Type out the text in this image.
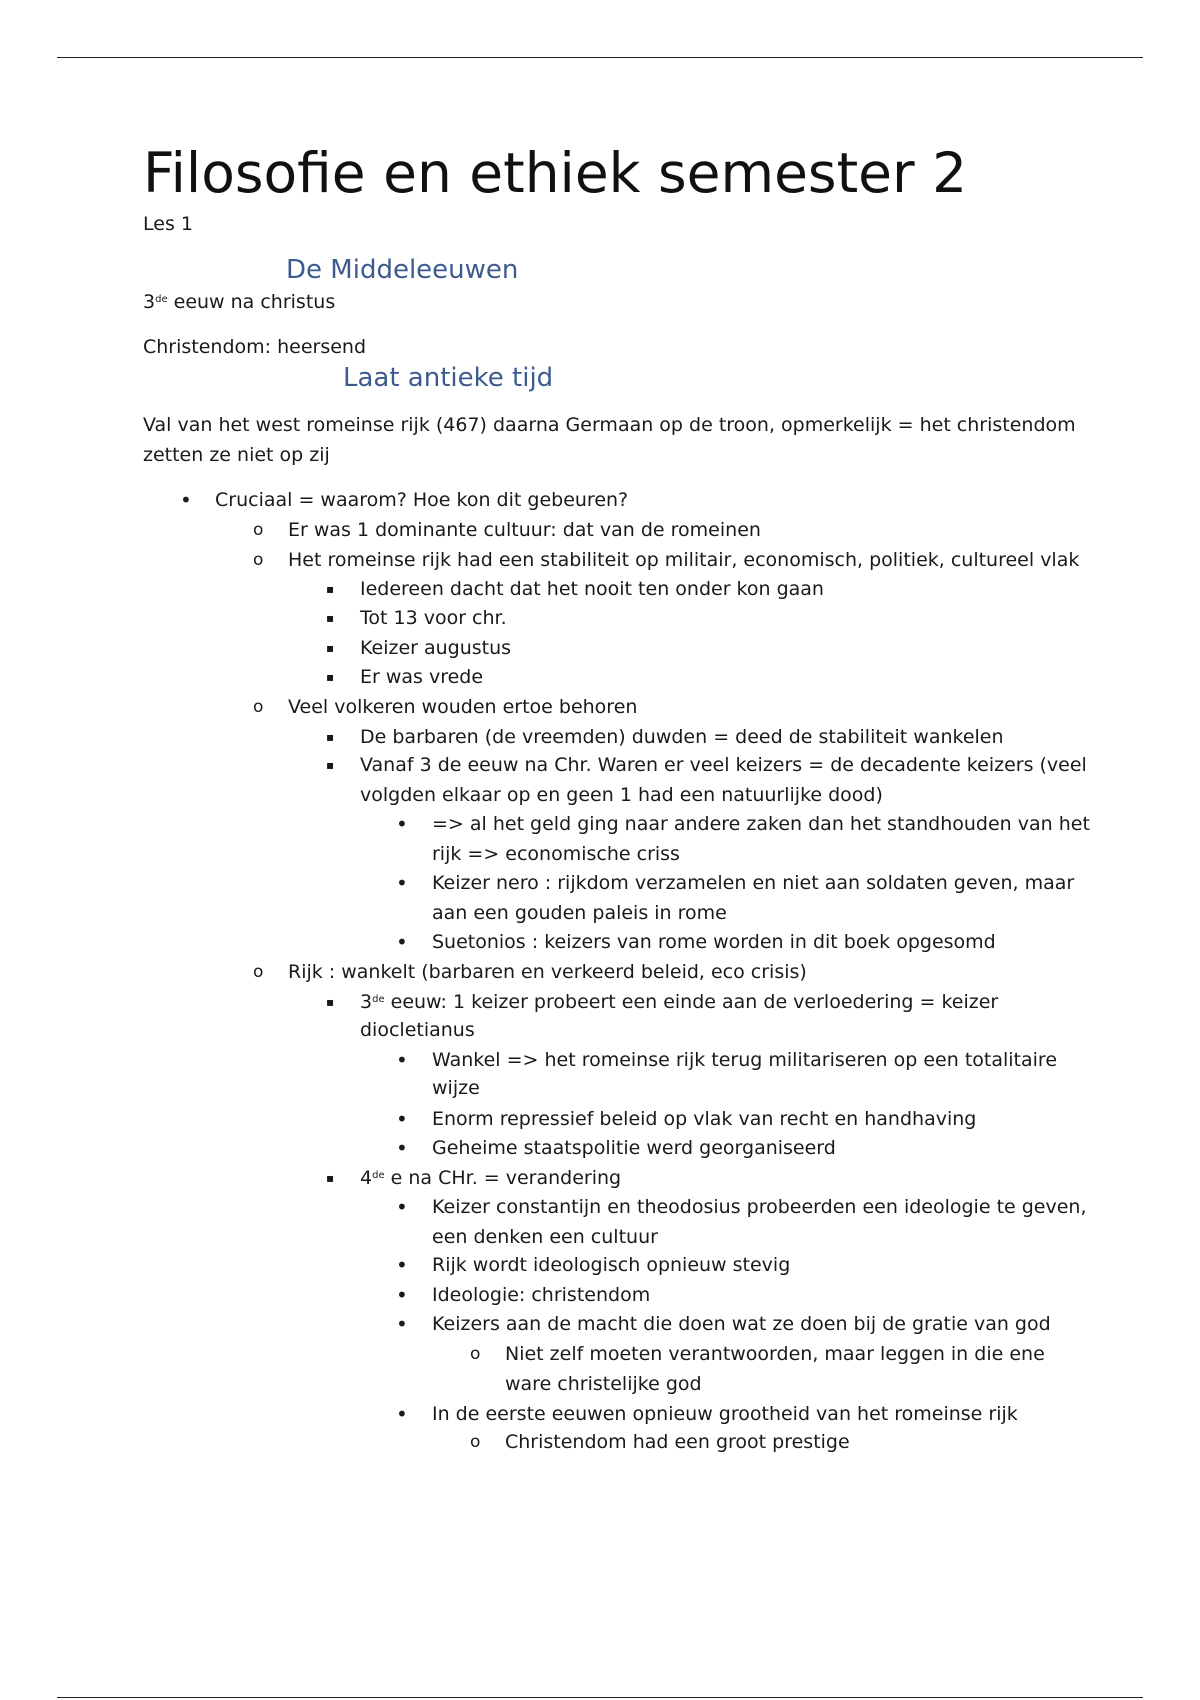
Filosofie en ethiek semester 2
Les 1
De Middeleeuwen
3de eeuw na christus
Christendom: heersend
Laat antieke tijd
Val van het west romeinse rijk (467) daarna Germaan op de troon, opmerkelijk = het christendom
zetten ze niet op zij
• Cruciaal = waarom? Hoe kon dit gebeuren?
o Er was 1 dominante cultuur: dat van de romeinen
o Het romeinse rijk had een stabiliteit op militair, economisch, politiek, cultureel vlak
▪ Iedereen dacht dat het nooit ten onder kon gaan
▪ Tot 13 voor chr.
▪ Keizer augustus
▪ Er was vrede
o Veel volkeren wouden ertoe behoren
▪ De barbaren (de vreemden) duwden = deed de stabiliteit wankelen
▪ Vanaf 3 de eeuw na Chr. Waren er veel keizers = de decadente keizers (veel
volgden elkaar op en geen 1 had een natuurlijke dood)
• => al het geld ging naar andere zaken dan het standhouden van het
rijk => economische criss
• Keizer nero : rijkdom verzamelen en niet aan soldaten geven, maar
aan een gouden paleis in rome
• Suetonios : keizers van rome worden in dit boek opgesomd
o Rijk : wankelt (barbaren en verkeerd beleid, eco crisis)
▪ 3de eeuw: 1 keizer probeert een einde aan de verloedering = keizer
diocletianus
• Wankel => het romeinse rijk terug militariseren op een totalitaire
wijze
• Enorm repressief beleid op vlak van recht en handhaving
• Geheime staatspolitie werd georganiseerd
▪ 4de e na CHr. = verandering
• Keizer constantijn en theodosius probeerden een ideologie te geven,
een denken een cultuur
• Rijk wordt ideologisch opnieuw stevig
• Ideologie: christendom
• Keizers aan de macht die doen wat ze doen bij de gratie van god
o Niet zelf moeten verantwoorden, maar leggen in die ene
ware christelijke god
• In de eerste eeuwen opnieuw grootheid van het romeinse rijk
o Christendom had een groot prestige
